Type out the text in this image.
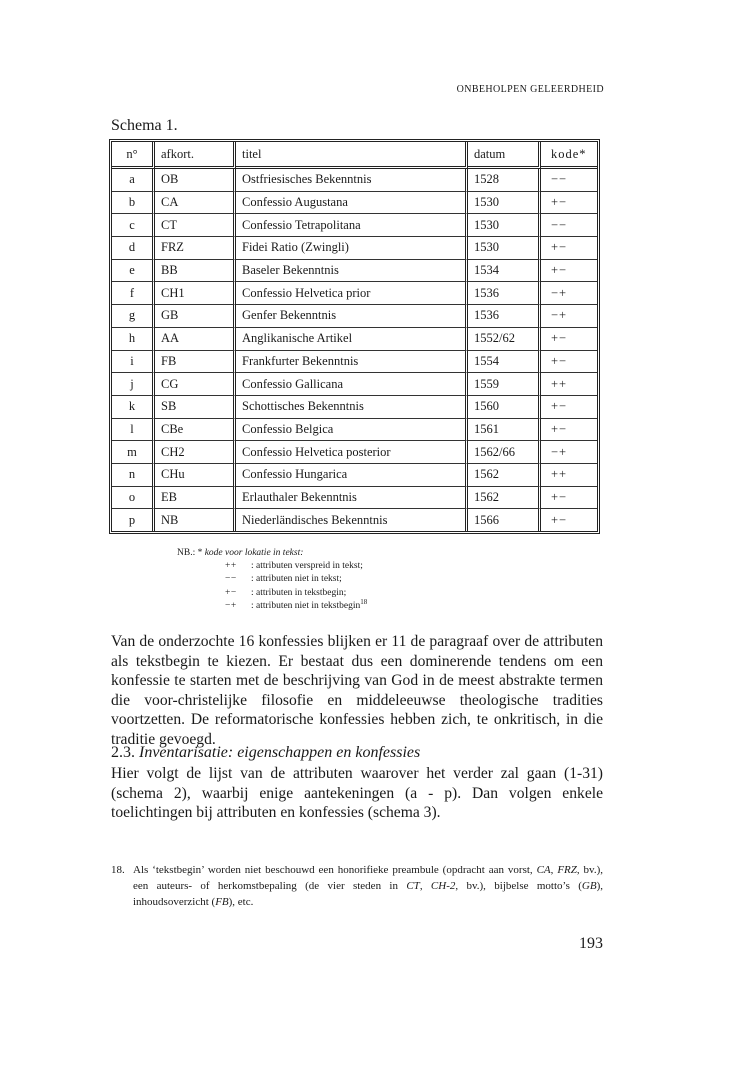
ONBEHOLPEN GELEERDHEID
Schema 1.
n°	afkort.	titel	datum	kode*
a	OB	Ostfriesisches Bekenntnis	1528	−−
b	CA	Confessio Augustana	1530	+−
c	CT	Confessio Tetrapolitana	1530	−−
d	FRZ	Fidei Ratio (Zwingli)	1530	+−
e	BB	Baseler Bekenntnis	1534	+−
f	CH1	Confessio Helvetica prior	1536	−+
g	GB	Genfer Bekenntnis	1536	−+
h	AA	Anglikanische Artikel	1552/62	+−
i	FB	Frankfurter Bekenntnis	1554	+−
j	CG	Confessio Gallicana	1559	++
k	SB	Schottisches Bekenntnis	1560	+−
l	CBe	Confessio Belgica	1561	+−
m	CH2	Confessio Helvetica posterior	1562/66	−+
n	CHu	Confessio Hungarica	1562	++
o	EB	Erlauthaler Bekenntnis	1562	+−
p	NB	Niederländisches Bekenntnis	1566	+−
NB.: * kode voor lokatie in tekst:
++ : attributen verspreid in tekst;
−− : attributen niet in tekst;
+− : attributen in tekstbegin;
−+ : attributen niet in tekstbegin$^{18}$
Van de onderzochte 16 konfessies blijken er 11 de paragraaf over de attributen als tekstbegin te kiezen. Er bestaat dus een dominerende tendens om een konfessie te starten met de beschrijving van God in de meest abstrakte termen die voor-christelijke filosofie en middeleeuwse theologische tradities voortzetten. De reformatorische konfessies hebben zich, te onkritisch, in die traditie gevoegd.
2.3. Inventarisatie: eigenschappen en konfessies
Hier volgt de lijst van de attributen waarover het verder zal gaan (1-31) (schema 2), waarbij enige aantekeningen (a - p). Dan volgen enkele toelichtingen bij attributen en konfessies (schema 3).
18. Als ‘tekstbegin’ worden niet beschouwd een honorifieke preambule (opdracht aan vorst, CA, FRZ, bv.), een auteurs- of herkomstbepaling (de vier steden in CT, CH-2, bv.), bijbelse motto’s (GB), inhoudsoverzicht (FB), etc.
193
